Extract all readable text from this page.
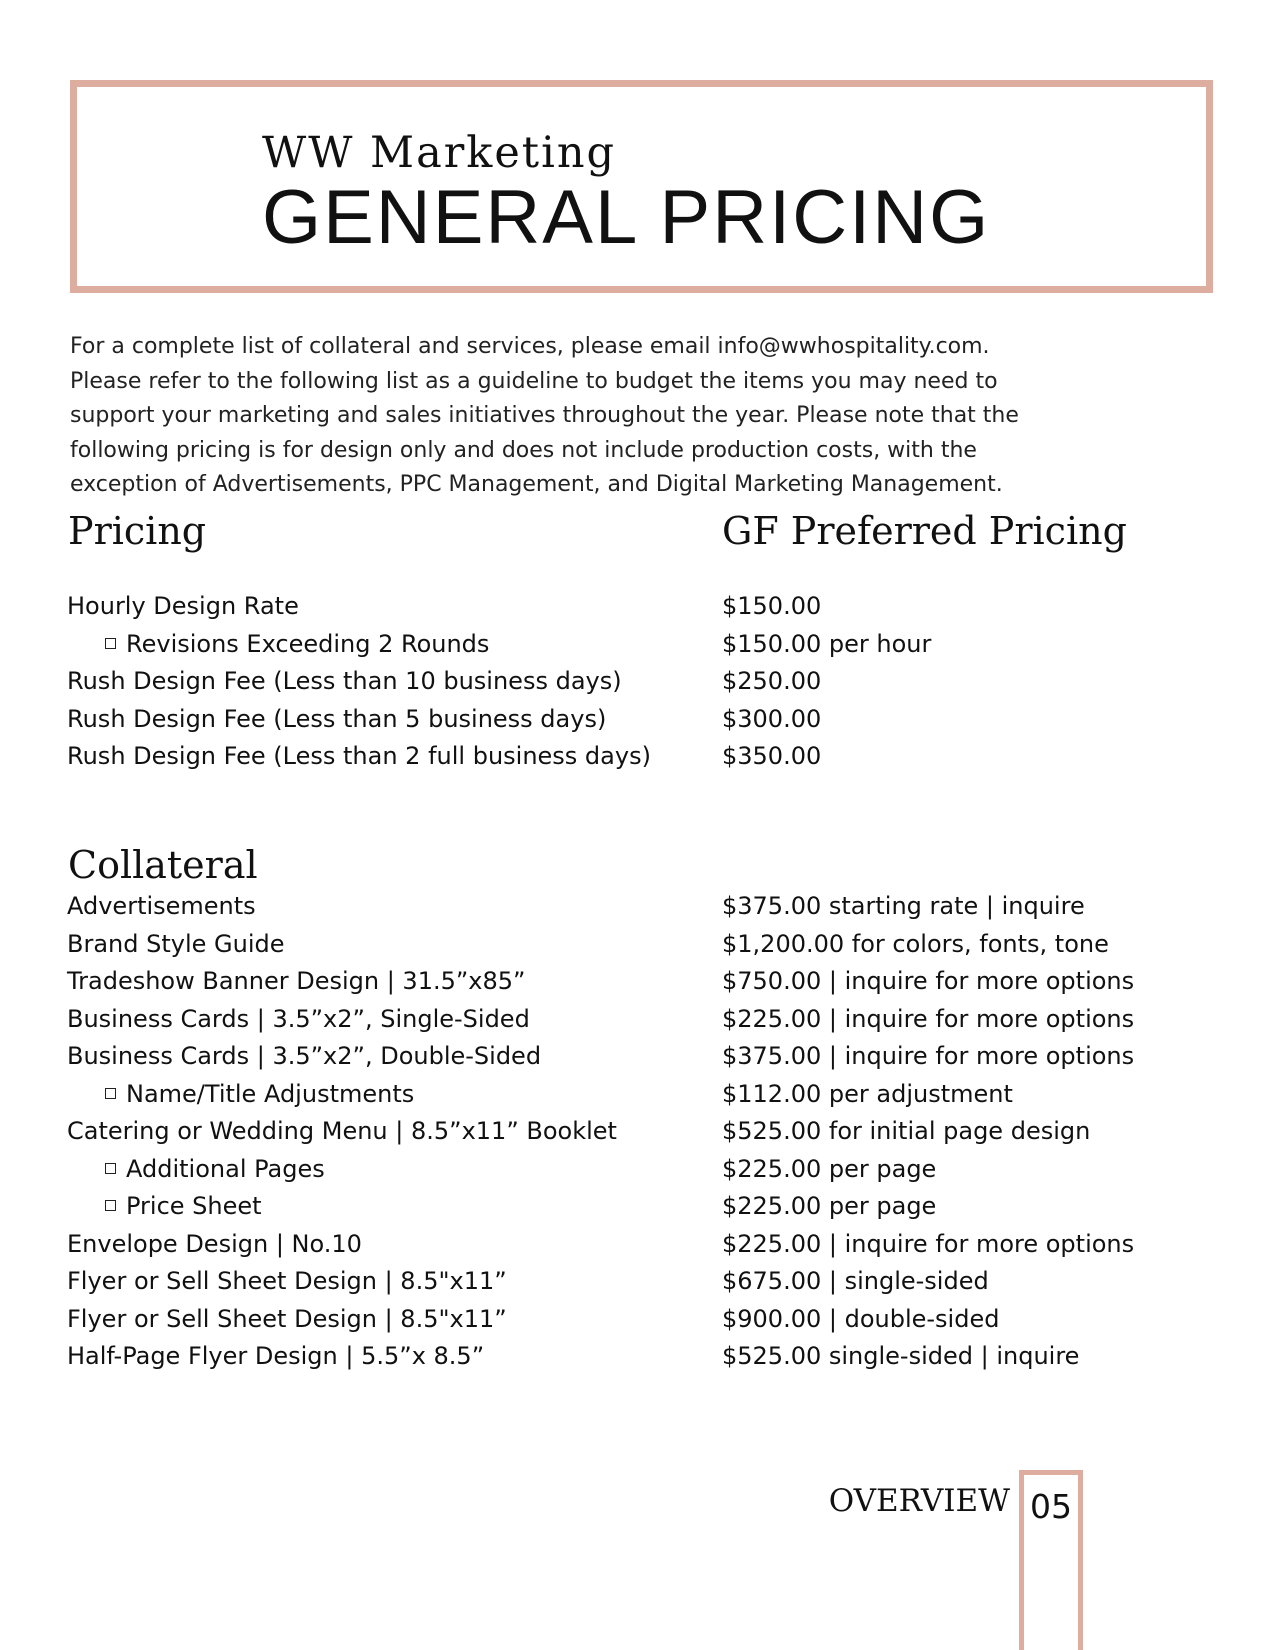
WW Marketing
GENERAL PRICING

For a complete list of collateral and services, please email info@wwhospitality.com.

Please refer to the following list as a guideline to budget the items you may need to

support your marketing and sales initiatives throughout the year. Please note that the

following pricing is for design only and does not include production costs, with the

exception of Advertisements, PPC Management, and Digital Marketing Management.

Pricing	GF Preferred Pricing
Hourly Design Rate	$150.00
Revisions Exceeding 2 Rounds	$150.00 per hour
Rush Design Fee (Less than 10 business days)	$250.00
Rush Design Fee (Less than 5 business days)	$300.00
Rush Design Fee (Less than 2 full business days)	$350.00
Collateral
Advertisements	$375.00 starting rate | inquire
Brand Style Guide	$1,200.00 for colors, fonts, tone
Tradeshow Banner Design | 31.5”x85”	$750.00 | inquire for more options
Business Cards | 3.5”x2”, Single-Sided	$225.00 | inquire for more options
Business Cards | 3.5”x2”, Double-Sided	$375.00 | inquire for more options
Name/Title Adjustments	$112.00 per adjustment
Catering or Wedding Menu | 8.5”x11” Booklet	$525.00 for initial page design
Additional Pages	$225.00 per page
Price Sheet	$225.00 per page
Envelope Design | No.10	$225.00 | inquire for more options
Flyer or Sell Sheet Design | 8.5"x11”	$675.00 | single-sided
Flyer or Sell Sheet Design | 8.5"x11”	$900.00 | double-sided
Half-Page Flyer Design | 5.5”x 8.5”	$525.00 single-sided | inquire
OVERVIEW 05
